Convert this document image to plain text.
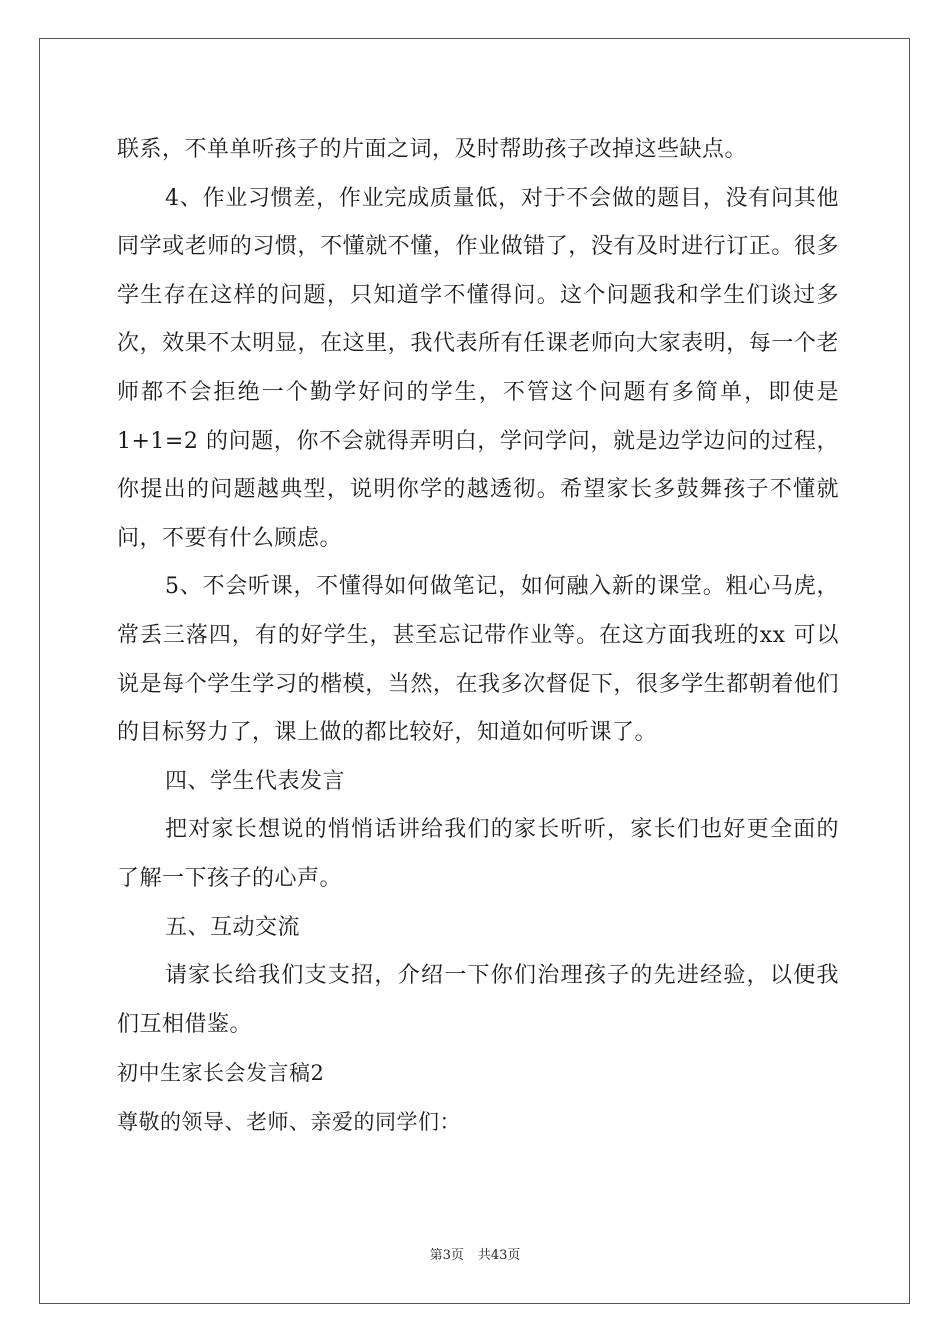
联系，不单单听孩子的片面之词，及时帮助孩子改掉这些缺点。

4、作业习惯差，作业完成质量低，对于不会做的题目，没有问其他同学或老师的习惯，不懂就不懂，作业做错了，没有及时进行订正。很多学生存在这样的问题，只知道学不懂得问。这个问题我和学生们谈过多次，效果不太明显，在这里，我代表所有任课老师向大家表明，每一个老师都不会拒绝一个勤学好问的学生，不管这个问题有多简单，即使是 1+1=2 的问题，你不会就得弄明白，学问学问，就是边学边问的过程，你提出的问题越典型，说明你学的越透彻。希望家长多鼓舞孩子不懂就问，不要有什么顾虑。

5、不会听课，不懂得如何做笔记，如何融入新的课堂。粗心马虎，常丢三落四，有的好学生，甚至忘记带作业等。在这方面我班的xx 可以说是每个学生学习的楷模，当然，在我多次督促下，很多学生都朝着他们的目标努力了，课上做的都比较好，知道如何听课了。

四、学生代表发言

把对家长想说的悄悄话讲给我们的家长听听，家长们也好更全面的了解一下孩子的心声。

五、互动交流

请家长给我们支支招，介绍一下你们治理孩子的先进经验，以便我们互相借鉴。

初中生家长会发言稿2

尊敬的领导、老师、亲爱的同学们：

第3页 共43页
